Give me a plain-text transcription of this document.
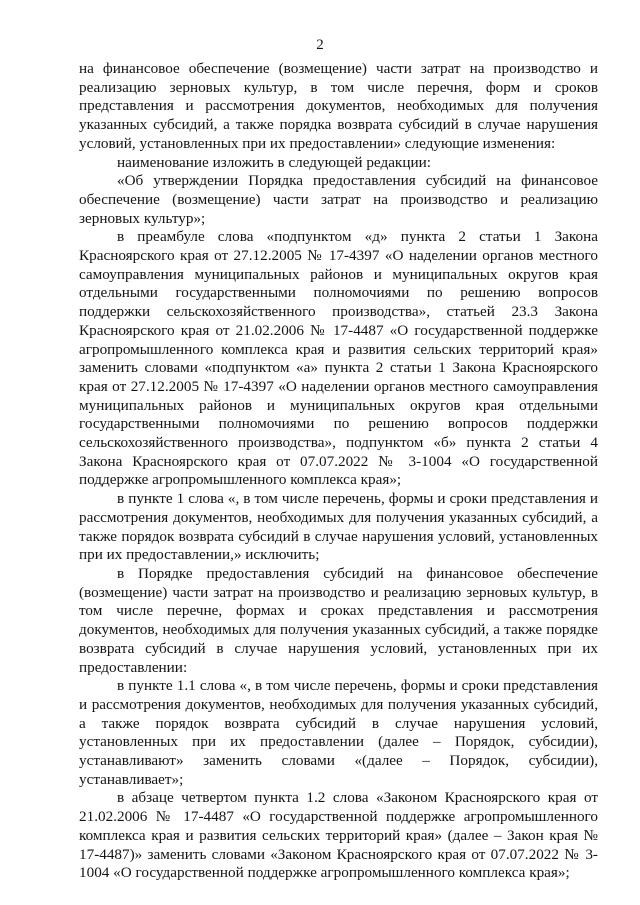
2

на финансовое обеспечение (возмещение) части затрат на производство и реализацию зерновых культур, в том числе перечня, форм и сроков представления и рассмотрения документов, необходимых для получения указанных субсидий, а также порядка возврата субсидий в случае нарушения условий, установленных при их предоставлении» следующие изменения:

наименование изложить в следующей редакции:

«Об утверждении Порядка предоставления субсидий на финансовое обеспечение (возмещение) части затрат на производство и реализацию зерновых культур»;

в преамбуле слова «подпунктом «д» пункта 2 статьи 1 Закона Красноярского края от 27.12.2005 № 17-4397 «О наделении органов местного самоуправления муниципальных районов и муниципальных округов края отдельными государственными полномочиями по решению вопросов поддержки сельскохозяйственного производства», статьей 23.3 Закона Красноярского края от 21.02.2006 № 17-4487 «О государственной поддержке агропромышленного комплекса края и развития сельских территорий края» заменить словами «подпунктом «а» пункта 2 статьи 1 Закона Красноярского края от 27.12.2005 № 17-4397 «О наделении органов местного самоуправления муниципальных районов и муниципальных округов края отдельными государственными полномочиями по решению вопросов поддержки сельскохозяйственного производства», подпунктом «б» пункта 2 статьи 4 Закона Красноярского края от 07.07.2022 № 3-1004 «О государственной поддержке агропромышленного комплекса края»;

в пункте 1 слова «, в том числе перечень, формы и сроки представления и рассмотрения документов, необходимых для получения указанных субсидий, а также порядок возврата субсидий в случае нарушения условий, установленных при их предоставлении,» исключить;

в Порядке предоставления субсидий на финансовое обеспечение (возмещение) части затрат на производство и реализацию зерновых культур, в том числе перечне, формах и сроках представления и рассмотрения документов, необходимых для получения указанных субсидий, а также порядке возврата субсидий в случае нарушения условий, установленных при их предоставлении:

в пункте 1.1 слова «, в том числе перечень, формы и сроки представления и рассмотрения документов, необходимых для получения указанных субсидий, а также порядок возврата субсидий в случае нарушения условий, установленных при их предоставлении (далее – Порядок, субсидии), устанавливают» заменить словами «(далее – Порядок, субсидии), устанавливает»;

в абзаце четвертом пункта 1.2 слова «Законом Красноярского края от 21.02.2006 № 17-4487 «О государственной поддержке агропромышленного комплекса края и развития сельских территорий края» (далее – Закон края № 17-4487)» заменить словами «Законом Красноярского края от 07.07.2022 № 3-1004 «О государственной поддержке агропромышленного комплекса края»;
